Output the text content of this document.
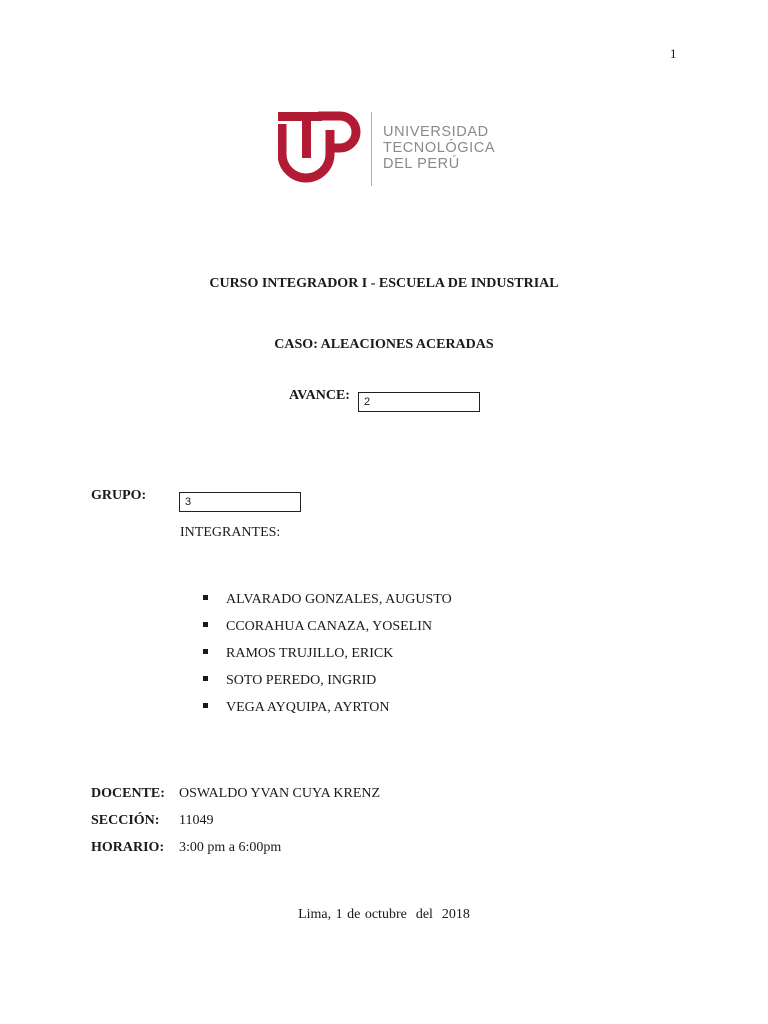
1
UNIVERSIDAD
TECNOLÓGICA
DEL PERÚ
CURSO INTEGRADOR I - ESCUELA DE INDUSTRIAL
CASO: ALEACIONES ACERADAS
AVANCE:	2
GRUPO:	3
INTEGRANTES:
ALVARADO GONZALES, AUGUSTO
CCORAHUA CANAZA, YOSELIN
RAMOS TRUJILLO, ERICK
SOTO PEREDO, INGRID
VEGA AYQUIPA, AYRTON
DOCENTE: OSWALDO YVAN CUYA KRENZ
SECCIÓN: 11049
HORARIO: 3:00 pm a 6:00pm
Lima, 1 de octubre  del  2018
